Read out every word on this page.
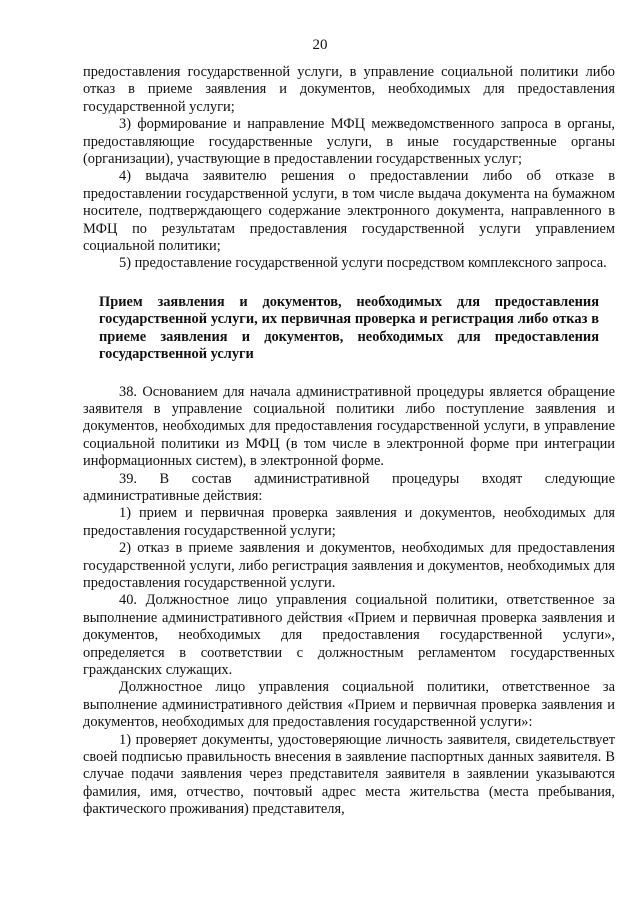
20

предоставления государственной услуги, в управление социальной политики либо отказ в приеме заявления и документов, необходимых для предоставления государственной услуги;

3) формирование и направление МФЦ межведомственного запроса в органы, предоставляющие государственные услуги, в иные государственные органы (организации), участвующие в предоставлении государственных услуг;

4) выдача заявителю решения о предоставлении либо об отказе в предоставлении государственной услуги, в том числе выдача документа на бумажном носителе, подтверждающего содержание электронного документа, направленного в МФЦ по результатам предоставления государственной услуги управлением социальной политики;

5) предоставление государственной услуги посредством комплексного запроса.

Прием заявления и документов, необходимых для предоставления государственной услуги, их первичная проверка и регистрация либо отказ в приеме заявления и документов, необходимых для предоставления государственной услуги

38. Основанием для начала административной процедуры является обращение заявителя в управление социальной политики либо поступление заявления и документов, необходимых для предоставления государственной услуги, в управление социальной политики из МФЦ (в том числе в электронной форме при интеграции информационных систем), в электронной форме.

39. В состав административной процедуры входят следующие административные действия:

1) прием и первичная проверка заявления и документов, необходимых для предоставления государственной услуги;

2) отказ в приеме заявления и документов, необходимых для предоставления государственной услуги, либо регистрация заявления и документов, необходимых для предоставления государственной услуги.

40. Должностное лицо управления социальной политики, ответственное за выполнение административного действия «Прием и первичная проверка заявления и документов, необходимых для предоставления государственной услуги», определяется в соответствии с должностным регламентом государственных гражданских служащих.

Должностное лицо управления социальной политики, ответственное за выполнение административного действия «Прием и первичная проверка заявления и документов, необходимых для предоставления государственной услуги»:

1) проверяет документы, удостоверяющие личность заявителя, свидетельствует своей подписью правильность внесения в заявление паспортных данных заявителя. В случае подачи заявления через представителя заявителя в заявлении указываются фамилия, имя, отчество, почтовый адрес места жительства (места пребывания, фактического проживания) представителя,
